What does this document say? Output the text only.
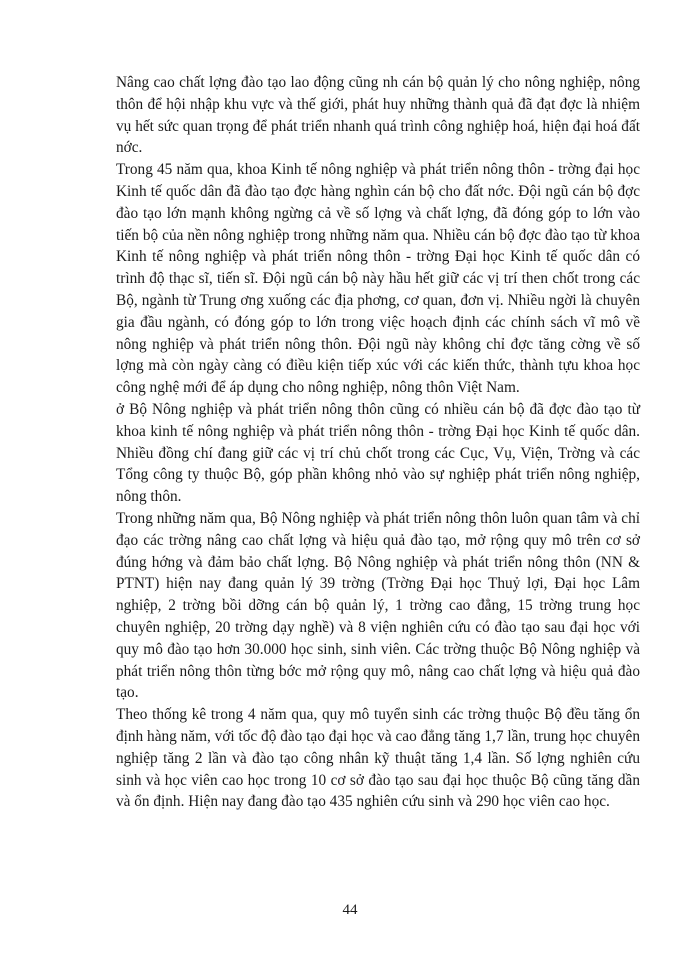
Nâng cao chất lợng đào tạo lao động cũng nh cán bộ quản lý cho nông nghiệp, nông thôn để hội nhập khu vực và thế giới, phát huy những thành quả đã đạt đợc là nhiệm vụ hết sức quan trọng để phát triển nhanh quá trình công nghiệp hoá, hiện đại hoá đất nớc.

Trong 45 năm qua, khoa Kinh tế nông nghiệp và phát triển nông thôn - trờng đại học Kinh tế quốc dân đã đào tạo đợc hàng nghìn cán bộ cho đất nớc. Đội ngũ cán bộ đợc đào tạo lớn mạnh không ngừng cả về số lợng và chất lợng, đã đóng góp to lớn vào tiến bộ của nền nông nghiệp trong những năm qua. Nhiều cán bộ đợc đào tạo từ khoa Kinh tế nông nghiệp và phát triển nông thôn - trờng Đại học Kinh tế quốc dân có trình độ thạc sĩ, tiến sĩ. Đội ngũ cán bộ này hầu hết giữ các vị trí then chốt trong các Bộ, ngành từ Trung ơng xuống các địa phơng, cơ quan, đơn vị. Nhiều ngời là chuyên gia đầu ngành, có đóng góp to lớn trong việc hoạch định các chính sách vĩ mô về nông nghiệp và phát triển nông thôn. Đội ngũ này không chỉ đợc tăng cờng về số lợng mà còn ngày càng có điều kiện tiếp xúc với các kiến thức, thành tựu khoa học công nghệ mới để áp dụng cho nông nghiệp, nông thôn Việt Nam.

ở Bộ Nông nghiệp và phát triển nông thôn cũng có nhiều cán bộ đã đợc đào tạo từ khoa kinh tế nông nghiệp và phát triển nông thôn - trờng Đại học Kinh tế quốc dân. Nhiều đồng chí đang giữ các vị trí chủ chốt trong các Cục, Vụ, Viện, Trờng và các Tổng công ty thuộc Bộ, góp phần không nhỏ vào sự nghiệp phát triển nông nghiệp, nông thôn.

Trong những năm qua, Bộ Nông nghiệp và phát triển nông thôn luôn quan tâm và chỉ đạo các trờng nâng cao chất lợng và hiệu quả đào tạo, mở rộng quy mô trên cơ sở đúng hớng và đảm bảo chất lợng. Bộ Nông nghiệp và phát triển nông thôn (NN & PTNT) hiện nay đang quản lý 39 trờng (Trờng Đại học Thuỷ lợi, Đại học Lâm nghiệp, 2 trờng bồi dỡng cán bộ quản lý, 1 trờng cao đẳng, 15 trờng trung học chuyên nghiệp, 20 trờng dạy nghề) và 8 viện nghiên cứu có đào tạo sau đại học với quy mô đào tạo hơn 30.000 học sinh, sinh viên. Các trờng thuộc Bộ Nông nghiệp và phát triển nông thôn từng bớc mở rộng quy mô, nâng cao chất lợng và hiệu quả đào tạo.

Theo thống kê trong 4 năm qua, quy mô tuyển sinh các trờng thuộc Bộ đều tăng ổn định hàng năm, với tốc độ đào tạo đại học và cao đẳng tăng 1,7 lần, trung học chuyên nghiệp tăng 2 lần và đào tạo công nhân kỹ thuật tăng 1,4 lần. Số lợng nghiên cứu sinh và học viên cao học trong 10 cơ sở đào tạo sau đại học thuộc Bộ cũng tăng dần và ổn định. Hiện nay đang đào tạo 435 nghiên cứu sinh và 290 học viên cao học.

44
